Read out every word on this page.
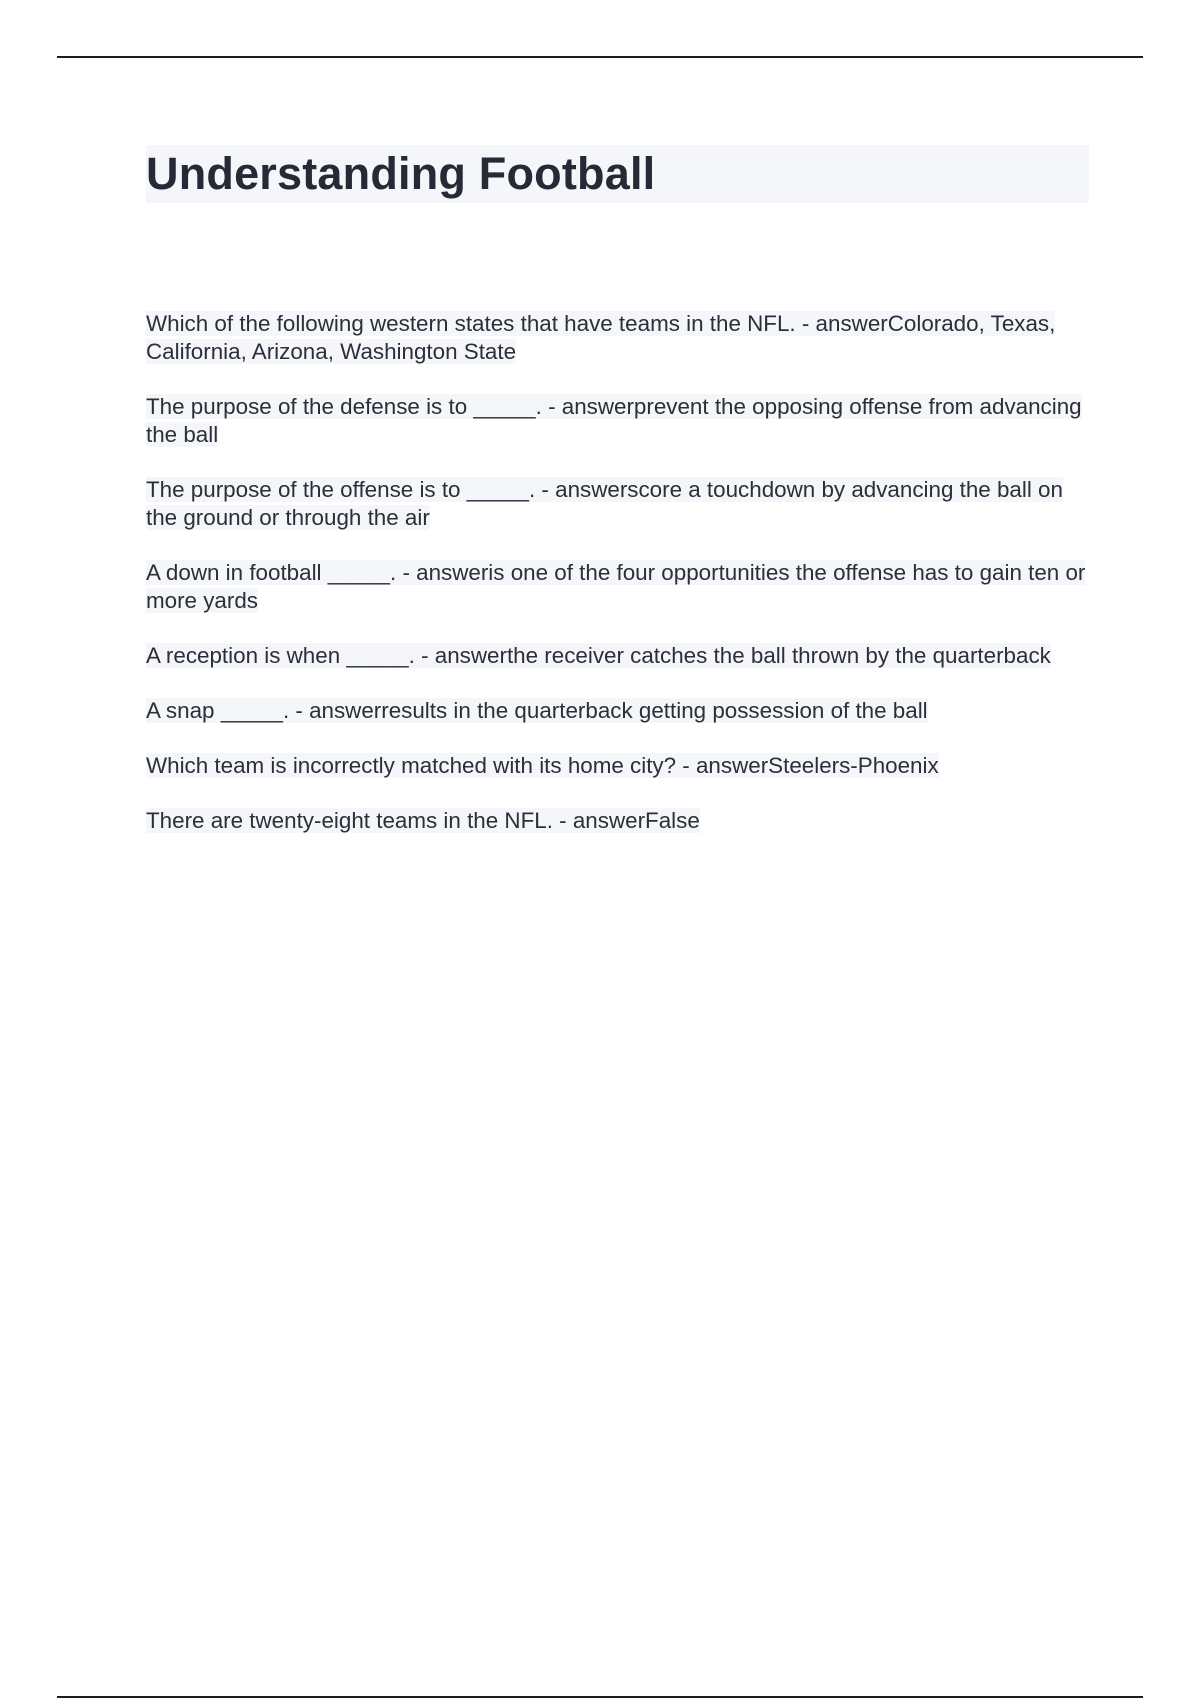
Understanding Football

Which of the following western states that have teams in the NFL. - answerColorado, Texas, California, Arizona, Washington State

The purpose of the defense is to _____. - answerprevent the opposing offense from advancing the ball

The purpose of the offense is to _____. - answerscore a touchdown by advancing the ball on the ground or through the air

A down in football _____. - answeris one of the four opportunities the offense has to gain ten or more yards

A reception is when _____. - answerthe receiver catches the ball thrown by the quarterback

A snap _____. - answerresults in the quarterback getting possession of the ball

Which team is incorrectly matched with its home city? - answerSteelers-Phoenix

There are twenty-eight teams in the NFL. - answerFalse
